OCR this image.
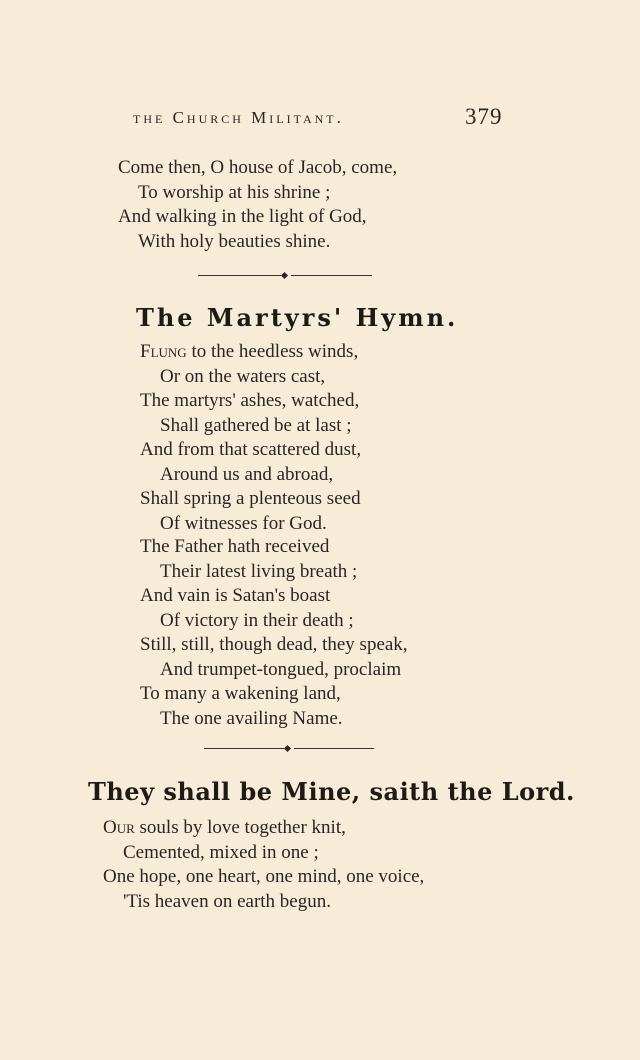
the Church Militant.	379
Come then, O house of Jacob, come,
To worship at his shrine ;
And walking in the light of God,
With holy beauties shine.
The Martyrs' Hymn.
Flung to the heedless winds,
Or on the waters cast,
The martyrs' ashes, watched,
Shall gathered be at last ;
And from that scattered dust,
Around us and abroad,
Shall spring a plenteous seed
Of witnesses for God.
The Father hath received
Their latest living breath ;
And vain is Satan's boast
Of victory in their death ;
Still, still, though dead, they speak,
And trumpet-tongued, proclaim
To many a wakening land,
The one availing Name.
They shall be Mine, saith the Lord.
Our souls by love together knit,
Cemented, mixed in one ;
One hope, one heart, one mind, one voice,
'Tis heaven on earth begun.
